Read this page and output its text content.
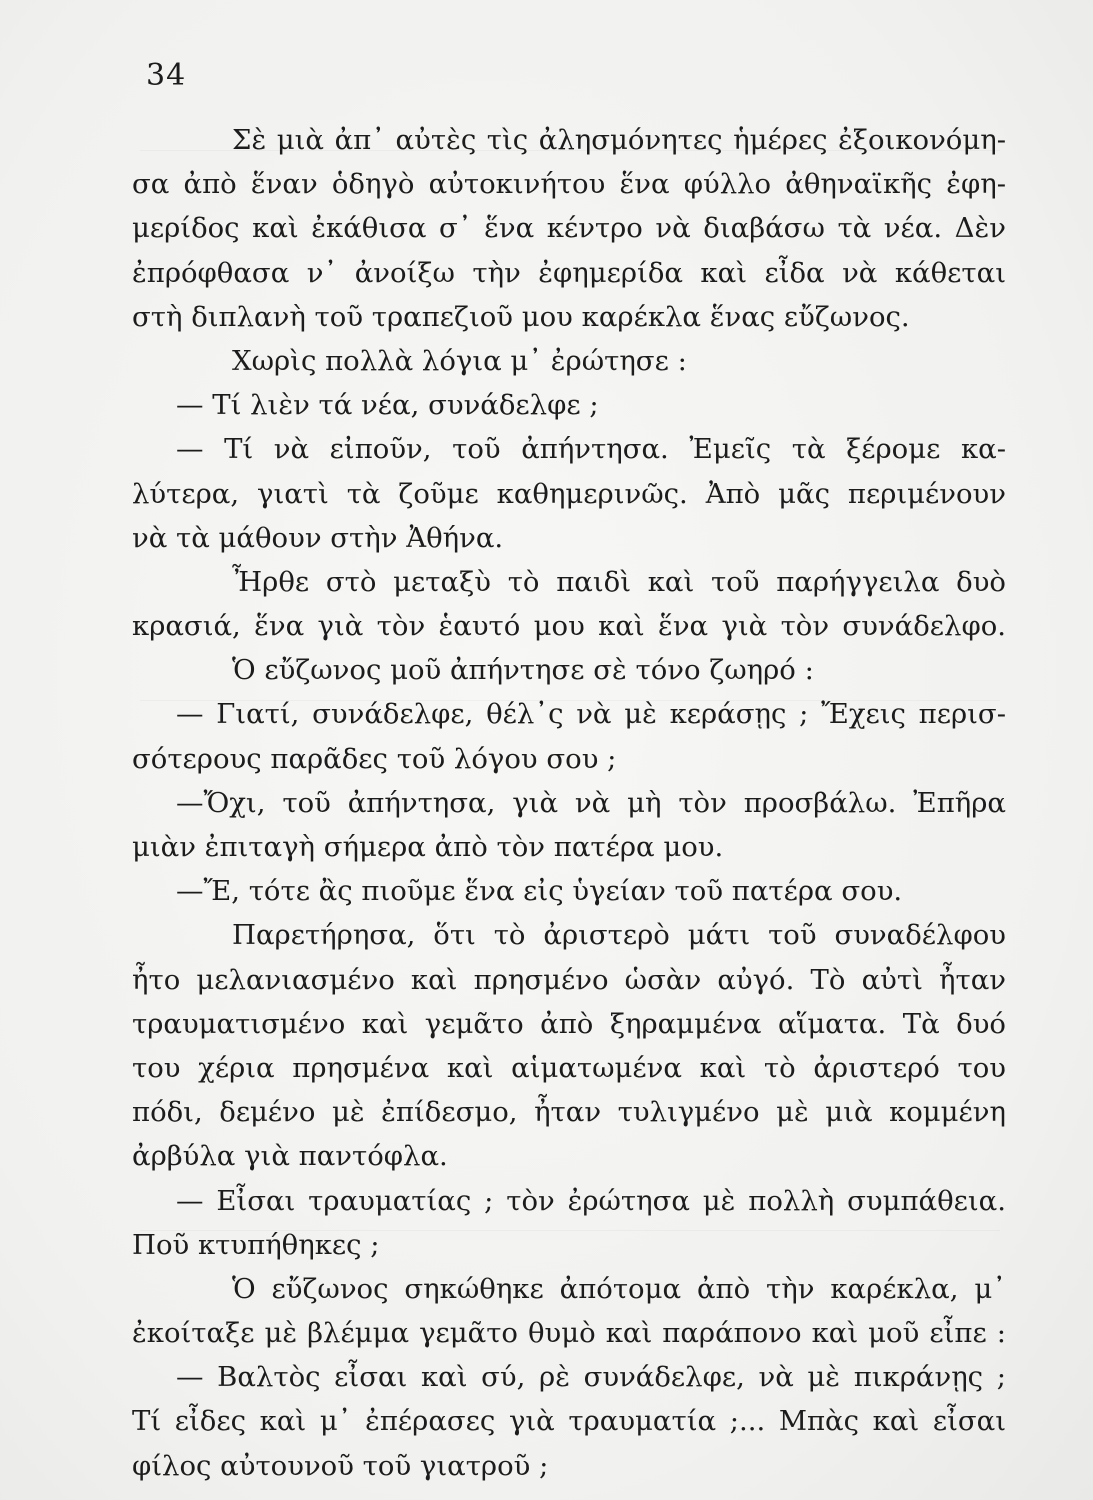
34
Σὲ μιὰ ἀπ᾽ αὐτὲς τὶς ἀλησμόνητες ἡμέρες ἐξοικονόμη-
σα ἀπὸ ἕναν ὁδηγὸ αὐτοκινήτου ἕνα φύλλο ἀθηναϊκῆς ἐφη-
μερίδος καὶ ἐκάθισα σ᾽ ἕνα κέντρο νὰ διαβάσω τὰ νέα. Δὲν
ἐπρόφθασα ν᾽ ἀνοίξω τὴν ἐφημερίδα καὶ εἶδα νὰ κάθεται
στὴ διπλανὴ τοῦ τραπεζιοῦ μου καρέκλα ἕνας εὔζωνος.
Χωρὶς πολλὰ λόγια μ᾽ ἐρώτησε :
— Τί λιὲν τά νέα, συνάδελφε ;
— Τί νὰ εἰποῦν, τοῦ ἀπήντησα. Ἐμεῖς τὰ ξέρομε κα-
λύτερα, γιατὶ τὰ ζοῦμε καθημερινῶς. Ἀπὸ μᾶς περιμένουν
νὰ τὰ μάθουν στὴν Ἀθήνα.
Ἦρθε στὸ μεταξὺ τὸ παιδὶ καὶ τοῦ παρήγγειλα δυὸ
κρασιά, ἕνα γιὰ τὸν ἑαυτό μου καὶ ἕνα γιὰ τὸν συνάδελφο.
Ὁ εὔζωνος μοῦ ἀπήντησε σὲ τόνο ζωηρό :
— Γιατί, συνάδελφε, θέλ᾽ς νὰ μὲ κεράσῃς ; Ἔχεις περισ-
σότερους παρᾶδες τοῦ λόγου σου ;
—Ὄχι, τοῦ ἀπήντησα, γιὰ νὰ μὴ τὸν προσβάλω. Ἐπῆρα
μιὰν ἐπιταγὴ σήμερα ἀπὸ τὸν πατέρα μου.
—Ἔ, τότε ἂς πιοῦμε ἕνα εἰς ὑγείαν τοῦ πατέρα σου.
Παρετήρησα, ὅτι τὸ ἀριστερὸ μάτι τοῦ συναδέλφου
ἦτο μελανιασμένο καὶ πρησμένο ὡσὰν αὐγό. Τὸ αὐτὶ ἦταν
τραυματισμένο καὶ γεμᾶτο ἀπὸ ξηραμμένα αἵματα. Τὰ δυό
του χέρια πρησμένα καὶ αἱματωμένα καὶ τὸ ἀριστερό του
πόδι, δεμένο μὲ ἐπίδεσμο, ἦταν τυλιγμένο μὲ μιὰ κομμένη
ἀρβύλα γιὰ παντόφλα.
— Εἶσαι τραυματίας ; τὸν ἐρώτησα μὲ πολλὴ συμπάθεια.
Ποῦ κτυπήθηκες ;
Ὁ εὔζωνος σηκώθηκε ἀπότομα ἀπὸ τὴν καρέκλα, μ᾽
ἐκοίταξε μὲ βλέμμα γεμᾶτο θυμὸ καὶ παράπονο καὶ μοῦ εἶπε :
— Βαλτὸς εἶσαι καὶ σύ, ρὲ συνάδελφε, νὰ μὲ πικράνῃς ;
Τί εἶδες καὶ μ᾽ ἐπέρασες γιὰ τραυματία ;... Μπὰς καὶ εἶσαι
φίλος αὐτουνοῦ τοῦ γιατροῦ ;
